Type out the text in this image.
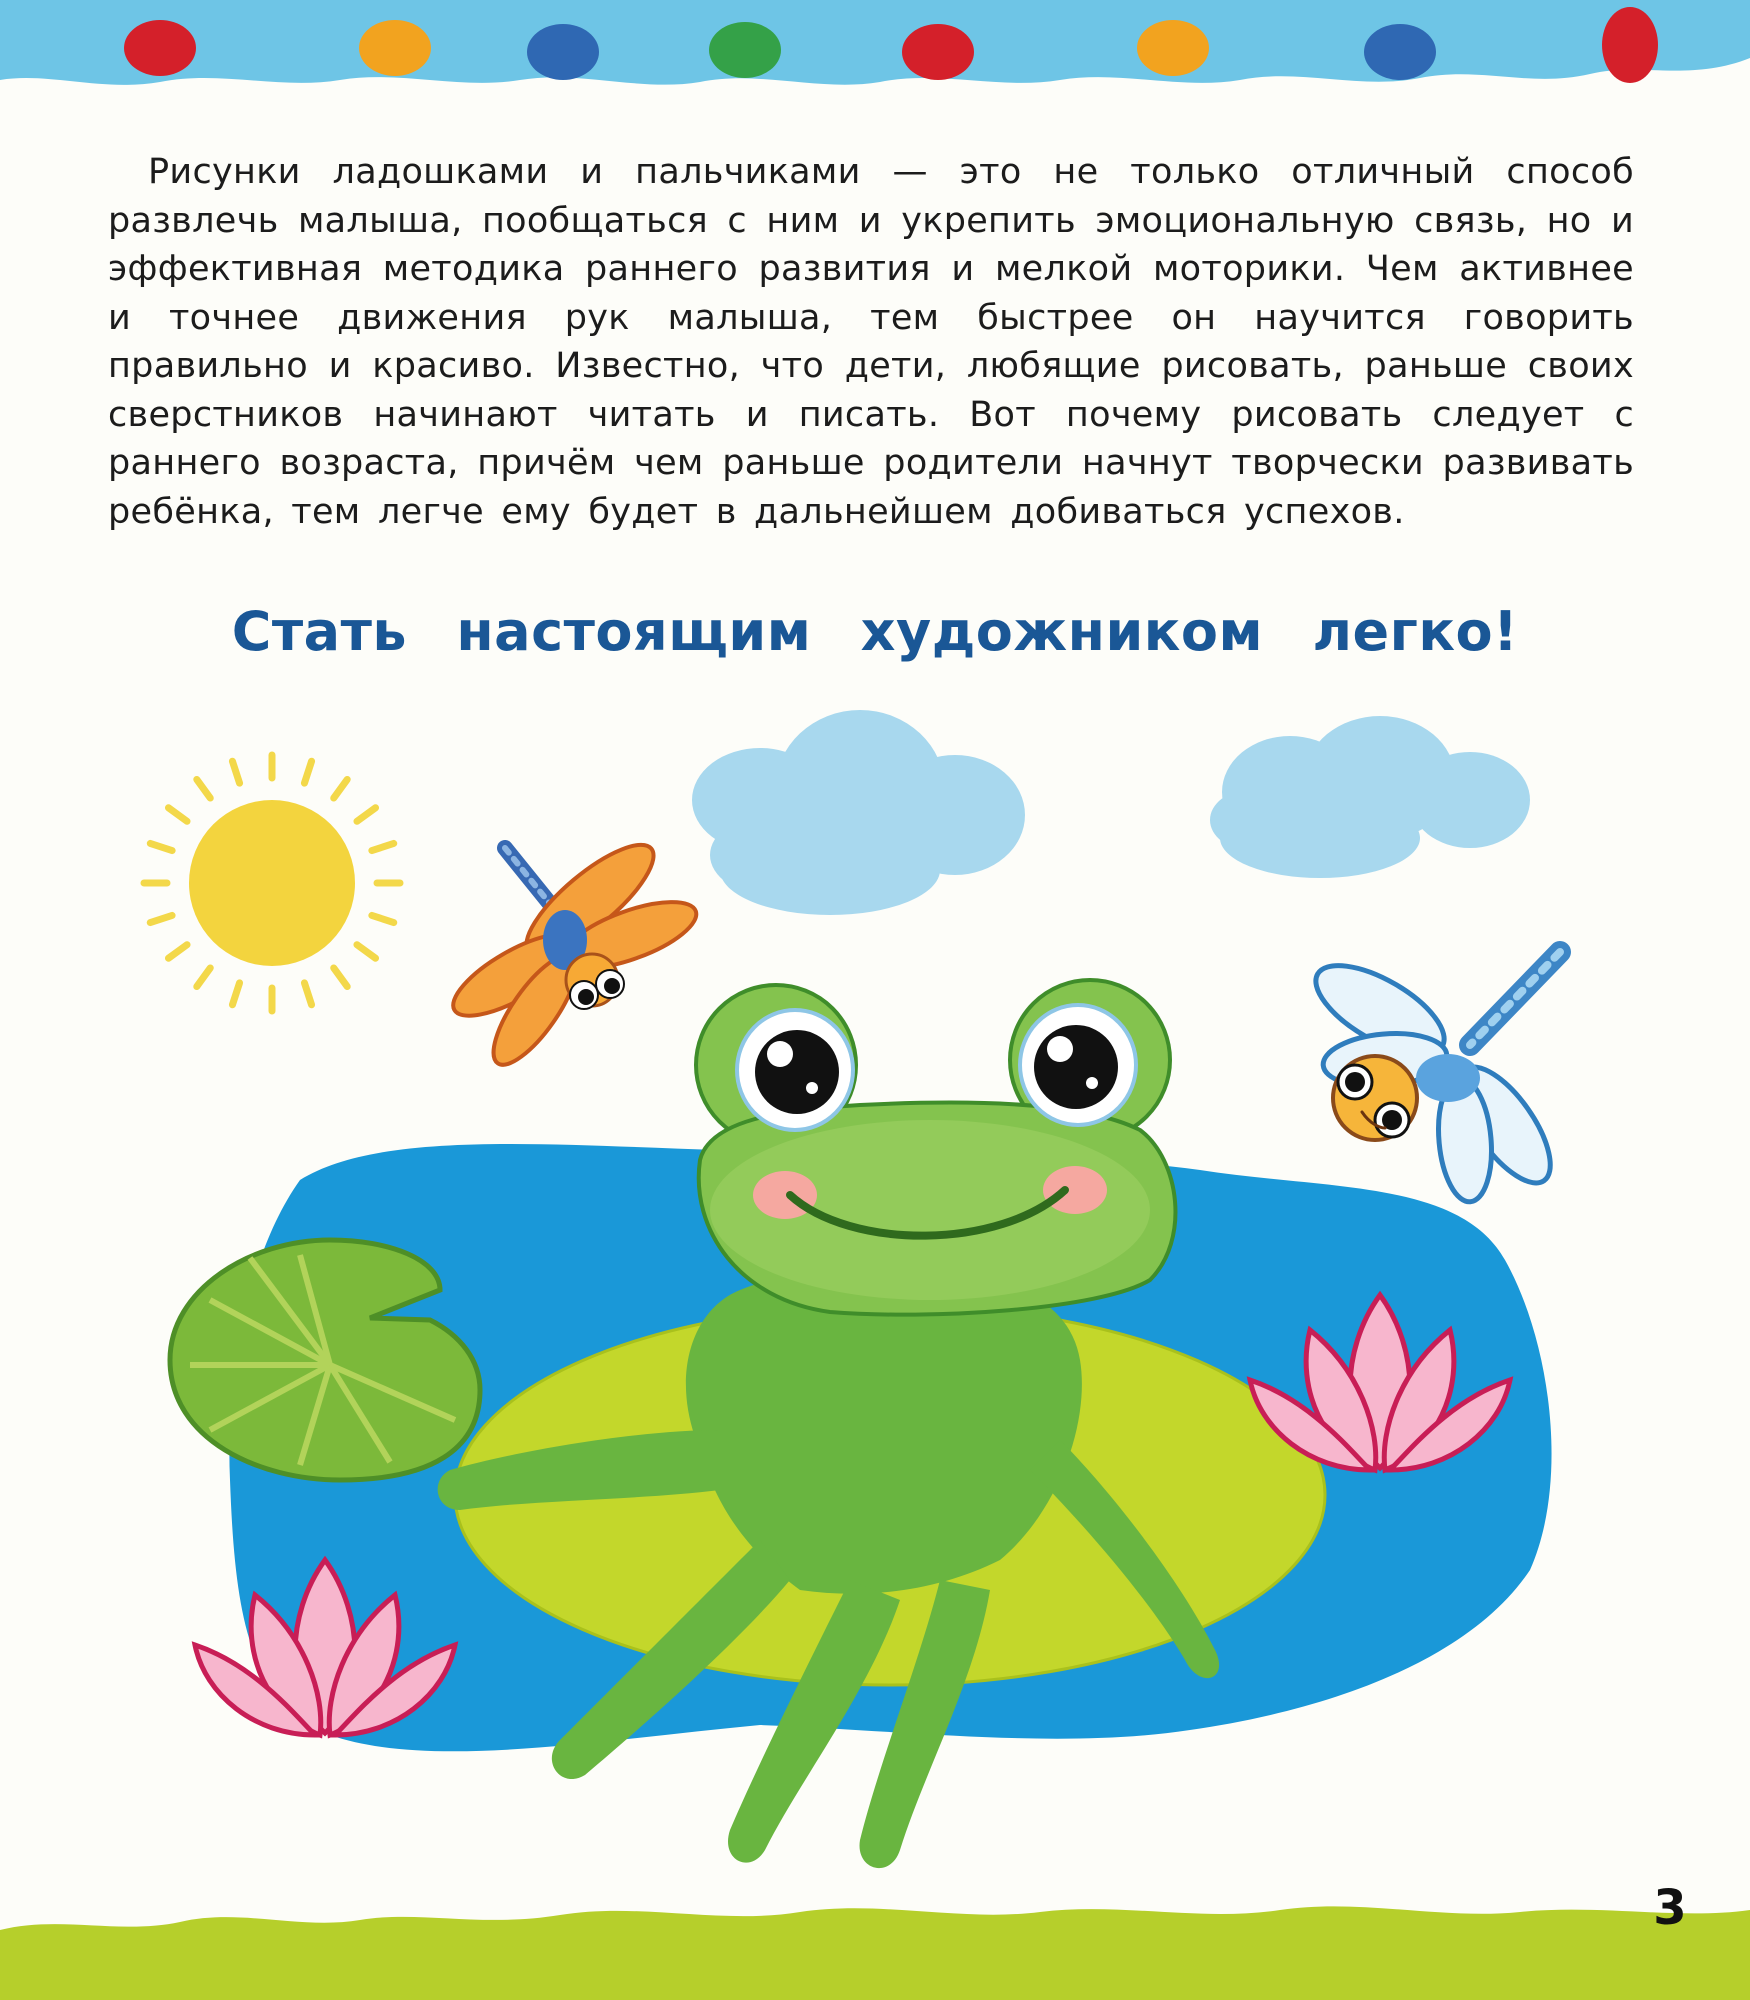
Рисунки ладошками и пальчиками — это не только отличный способ развлечь малыша, пообщаться с ним и укрепить эмоциональную связь, но и эффективная методика раннего развития и мелкой моторики. Чем активнее и точнее движения рук малыша, тем быстрее он научится говорить правильно и красиво. Известно, что дети, любящие рисовать, раньше своих сверстников начинают читать и писать. Вот почему рисовать следует с раннего возраста, причём чем раньше родители начнут творчески развивать ребёнка, тем легче ему будет в дальнейшем добиваться успехов.

Стать настоящим художником легко!
3
